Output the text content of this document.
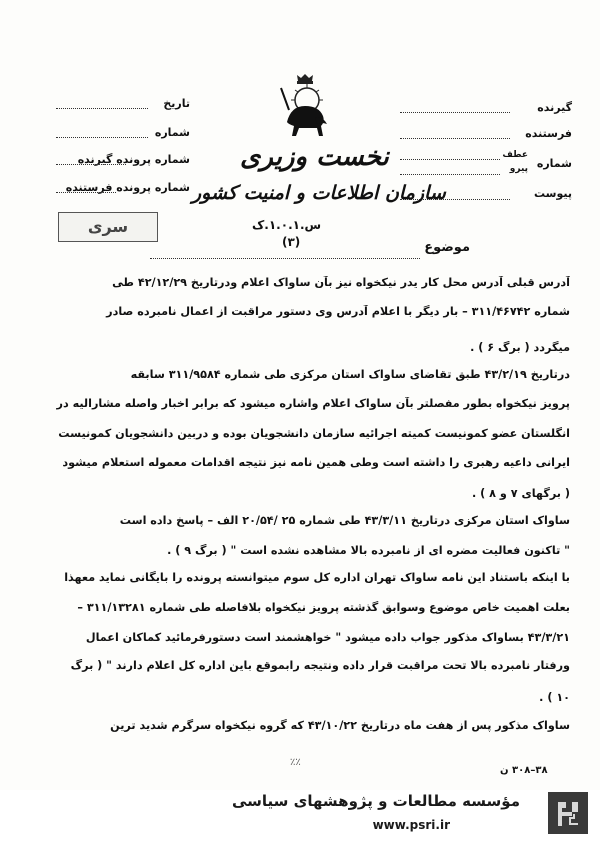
گیرنده
فرستنده
شماره
عطف
پیرو
پیوست
تاریخ
شماره
شماره پرونده گیرنده
شماره پرونده فرستنده
نخست وزیری
سازمان اطلاعات و امنیت کشور
س.۱.۰.۱.ک
(۳)
سری
موضوع
آدرس قبلی آدرس محل کار یدر نیکخواه نیز بآن ساواک اعلام ودرتاریخ ۴۲/۱۲/۲۹ طی
شماره ۳۱۱/۴۶۷۴۲ – بار دیگر با اعلام آدرس وی دستور مراقبت از اعمال نامبرده صادر
میگردد ( برگ ۶ ) .
درتاریخ ۴۳/۲/۱۹ طبق تقاضای ساواک استان مرکزی طی شماره ۳۱۱/۹۵۸۴ سابقه
پرویز نیکخواه بطور مفصلتر بآن ساواک اعلام واشاره میشود که برابر اخبار واصله مشارالیه در
انگلستان عضو کمونیست کمیته اجرائیه سازمان دانشجویان بوده و دربین دانشجویان کمونیست
ایرانی داعیه رهبری را داشته است وطی همین نامه نیز نتیجه اقدامات معموله استعلام میشود
( برگهای ۷ و ۸ ) .
ساواک استان مرکزی درتاریخ ۴۳/۳/۱۱ طی شماره ۲۵ /۲۰/۵۴ الف – پاسخ داده است
" تاکنون فعالیت مضره ای از نامبرده بالا مشاهده نشده است " ( برگ ۹ ) .
با اینکه باستناد این نامه ساواک تهران اداره کل سوم میتوانسته پرونده را بایگانی نماید معهذا
بعلت اهمیت خاص موضوع وسوابق گذشته پرویز نیکخواه بلافاصله طی شماره ۳۱۱/۱۳۲۸۱ –
۴۳/۳/۲۱ بساواک مذکور جواب داده میشود " خواهشمند است دستورفرمائید کماکان اعمال
ورفتار نامبرده بالا تحت مراقبت قرار داده ونتیجه رابموقع باین اداره کل اعلام دارند " ( برگ
۱۰ ) .
ساواک مذکور پس از هفت ماه درتاریخ ۴۳/۱۰/۲۲ که گروه نیکخواه سرگرم شدید ترین
۳۸–۳۰۸ ن
٪٪
مؤسسه مطالعات و پژوهشهای سیاسی
www.psri.ir
